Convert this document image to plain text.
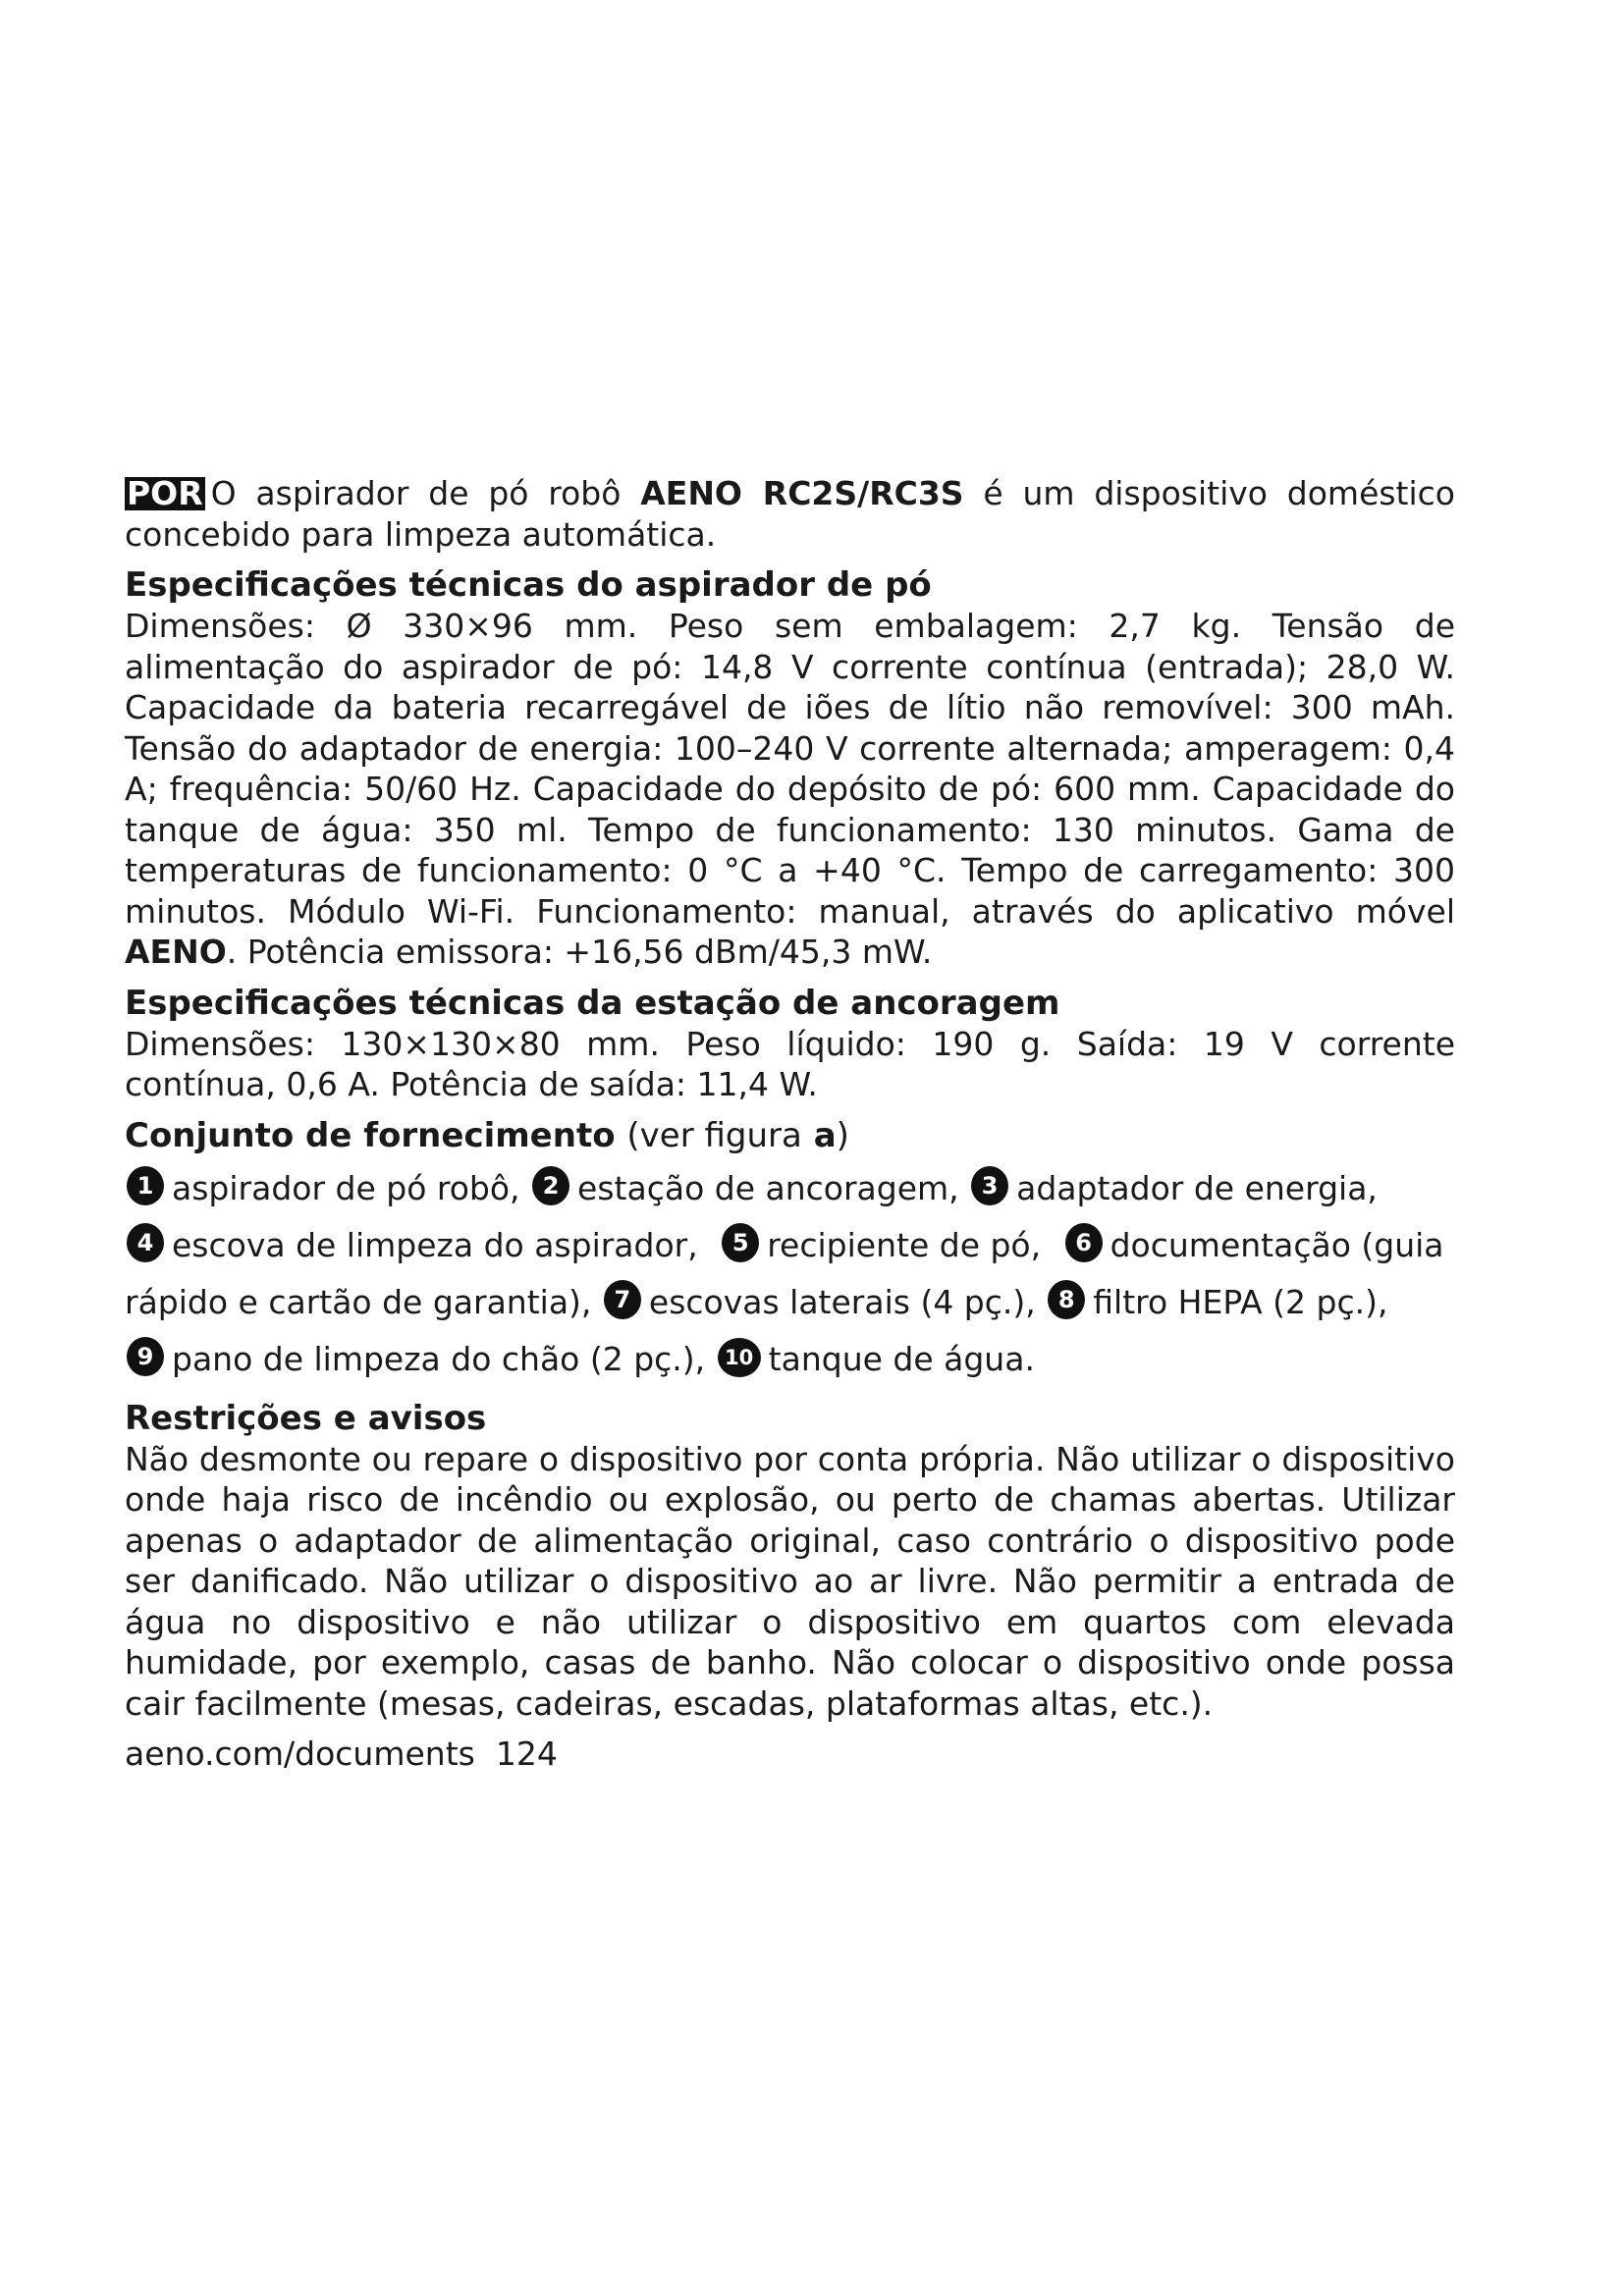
POR O aspirador de pó robô AENO RC2S/RC3S é um dispositivo doméstico concebido para limpeza automática.

Especificações técnicas do aspirador de pó

Dimensões: Ø 330×96 mm. Peso sem embalagem: 2,7 kg. Tensão de alimentação do aspirador de pó: 14,8 V corrente contínua (entrada); 28,0 W. Capacidade da bateria recarregável de iões de lítio não removível: 300 mAh. Tensão do adaptador de energia: 100–240 V corrente alternada; amperagem: 0,4 A; frequência: 50/60 Hz. Capacidade do depósito de pó: 600 mm. Capacidade do tanque de água: 350 ml. Tempo de funcionamento: 130 minutos. Gama de temperaturas de funcionamento: 0 °C a +40 °C. Tempo de carregamento: 300 minutos. Módulo Wi-Fi. Funcionamento: manual, através do aplicativo móvel AENO. Potência emissora: +16,56 dBm/45,3 mW.

Especificações técnicas da estação de ancoragem

Dimensões: 130×130×80 mm. Peso líquido: 190 g. Saída: 19 V corrente contínua, 0,6 A. Potência de saída: 11,4 W.

Conjunto de fornecimento (ver figura a)

1 aspirador de pó robô, 2 estação de ancoragem, 3 adaptador de energia, 4 escova de limpeza do aspirador, 5 recipiente de pó, 6 documentação (guia rápido e cartão de garantia), 7 escovas laterais (4 pç.), 8 filtro HEPA (2 pç.), 9 pano de limpeza do chão (2 pç.), 10 tanque de água.

Restrições e avisos

Não desmonte ou repare o dispositivo por conta própria. Não utilizar o dispositivo onde haja risco de incêndio ou explosão, ou perto de chamas abertas. Utilizar apenas o adaptador de alimentação original, caso contrário o dispositivo pode ser danificado. Não utilizar o dispositivo ao ar livre. Não permitir a entrada de água no dispositivo e não utilizar o dispositivo em quartos com elevada humidade, por exemplo, casas de banho. Não colocar o dispositivo onde possa cair facilmente (mesas, cadeiras, escadas, plataformas altas, etc.).

aeno.com/documents 124
